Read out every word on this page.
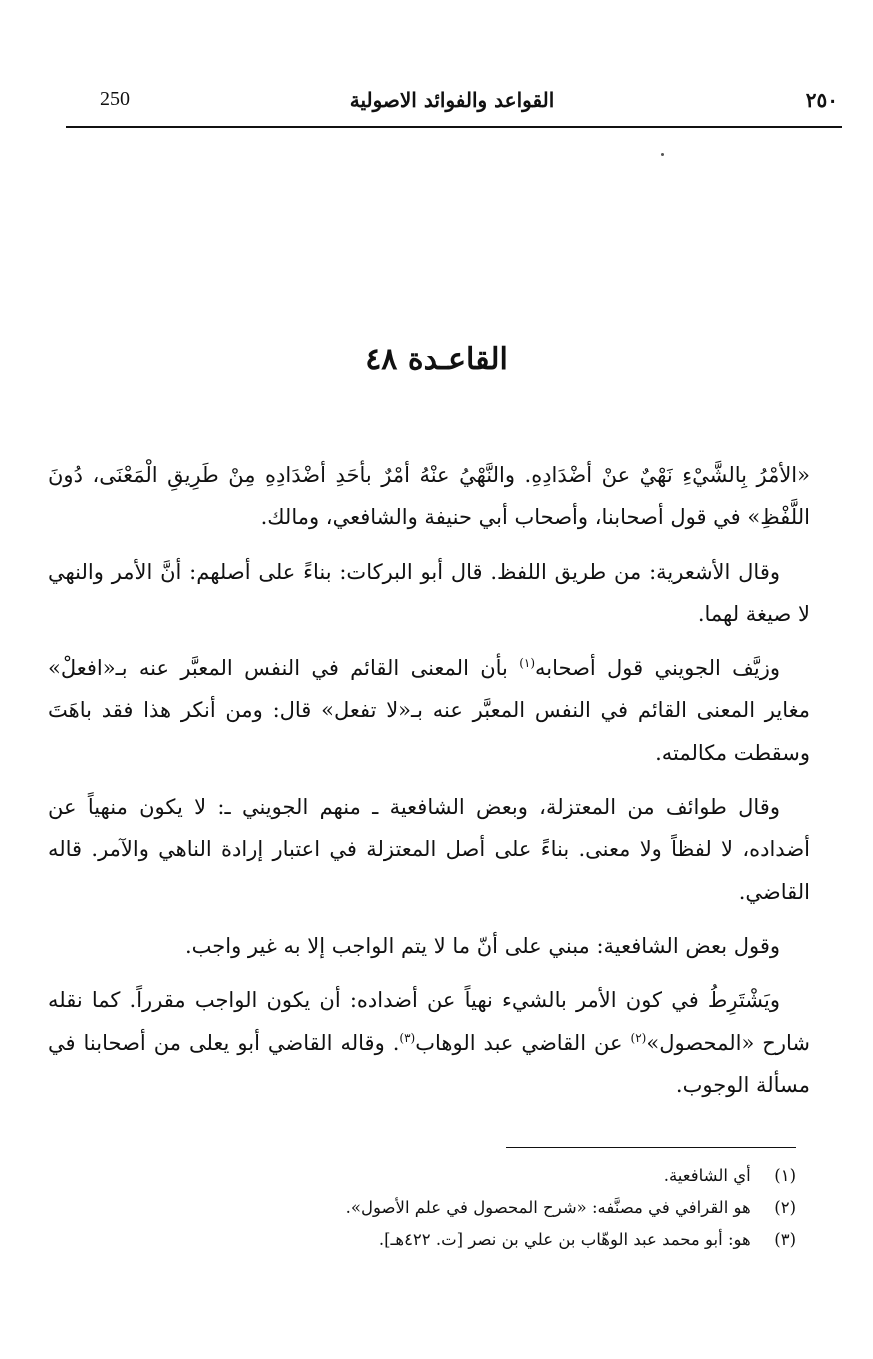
250	القواعد والفوائد الاصولية	٢٥٠
القاعـدة ٤٨

«الأمْرُ بِالشَّيْءِ نَهْيٌ عنْ أضْدَادِهِ. والنَّهْيُ عنْهُ أمْرٌ بأحَدِ أضْدَادِهِ مِنْ طَرِيقِ الْمَعْنَى، دُونَ اللَّفْظِ» في قول أصحابنا، وأصحاب أبي حنيفة والشافعي، ومالك.

وقال الأشعرية: من طريق اللفظ. قال أبو البركات: بناءً على أصلهم: أنَّ الأمر والنهي لا صيغة لهما.

وزيَّف الجويني قول أصحابه$^{(١)}$ بأن المعنى القائم في النفس المعبَّر عنه بـ«افعلْ» مغاير المعنى القائم في النفس المعبَّر عنه بـ«لا تفعل» قال: ومن أنكر هذا فقد باهَتَ وسقطت مكالمته.

وقال طوائف من المعتزلة، وبعض الشافعية ـ منهم الجويني ـ: لا يكون منهياً عن أضداده، لا لفظاً ولا معنى. بناءً على أصل المعتزلة في اعتبار إرادة الناهي والآمر. قاله القاضي.

وقول بعض الشافعية: مبني على أنّ ما لا يتم الواجب إلا به غير واجب.

ويَشْتَرِطُ في كون الأمر بالشيء نهياً عن أضداده: أن يكون الواجب مقرراً. كما نقله شارح «المحصول»$^{(٢)}$ عن القاضي عبد الوهاب$^{(٣)}$. وقاله القاضي أبو يعلى من أصحابنا في مسألة الوجوب.

(١) أي الشافعية.
(٢) هو القرافي في مصنَّفه: «شرح المحصول في علم الأصول».
(٣) هو: أبو محمد عبد الوهّاب بن علي بن نصر [ت. ٤٢٢هـ].
